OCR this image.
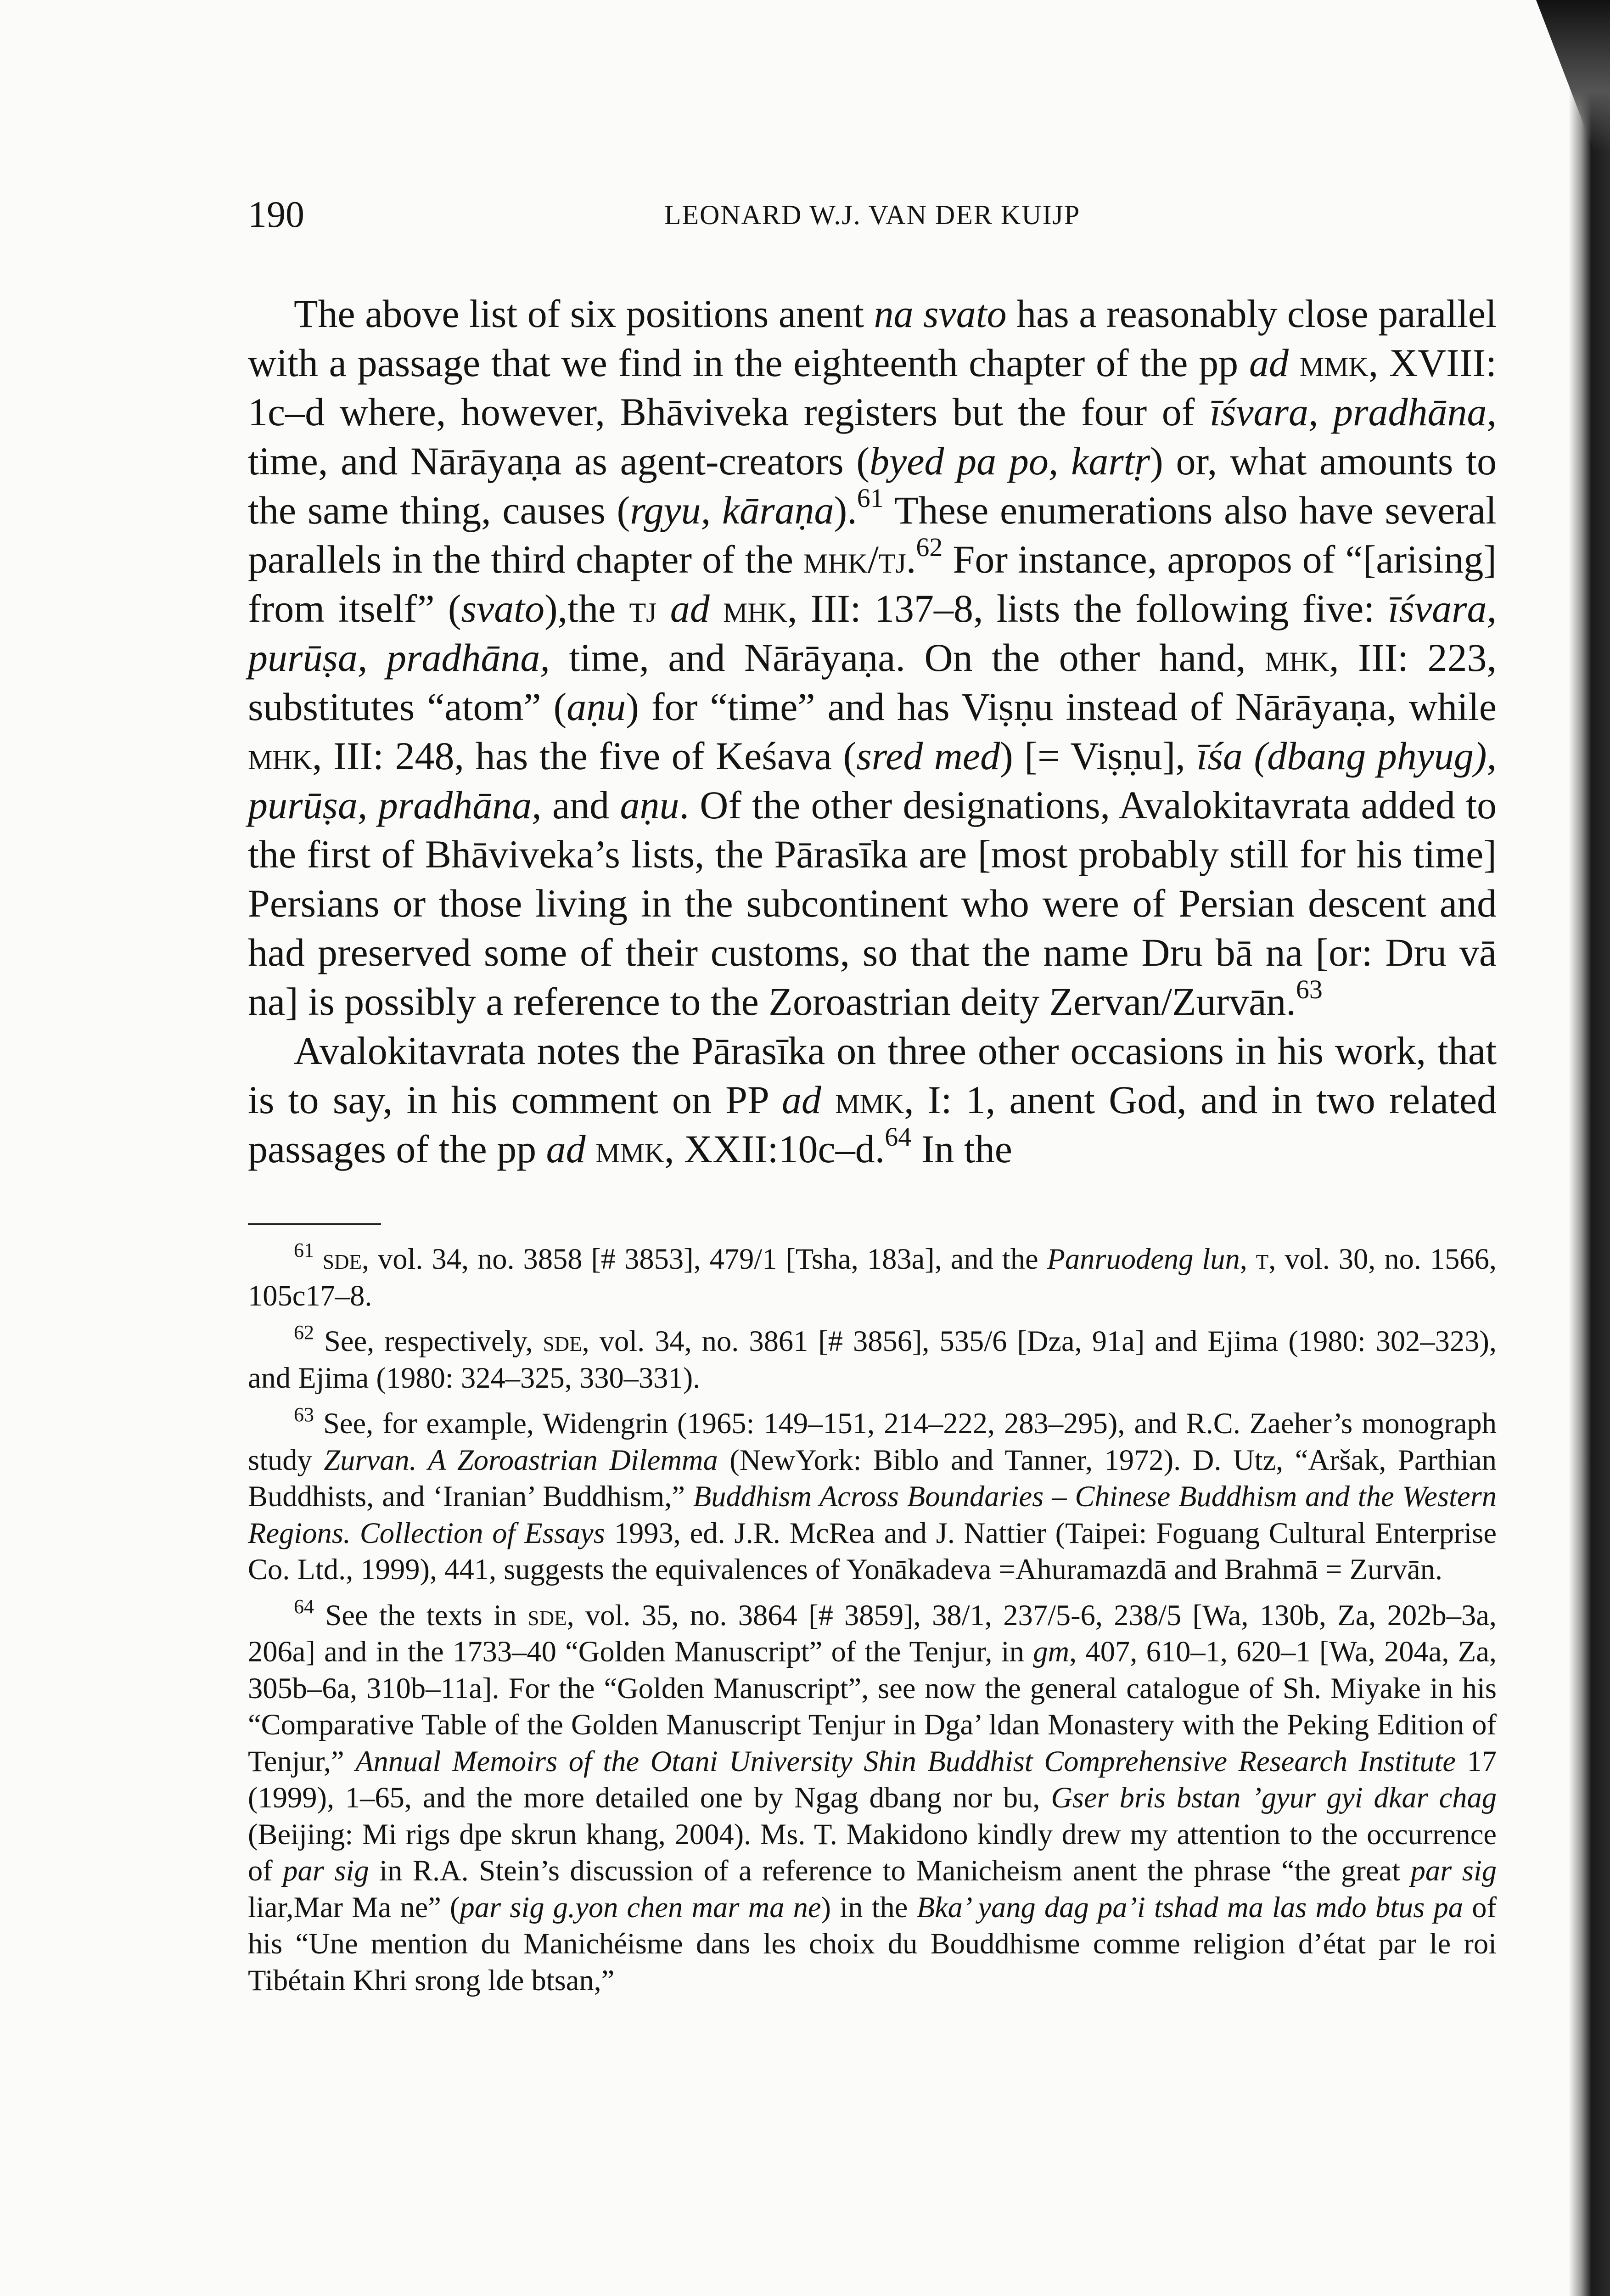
190	LEONARD W.J. VAN DER KUIJP

The above list of six positions anent na svato has a reasonably close parallel with a passage that we find in the eighteenth chapter of the pp ad mmk, XVIII: 1c–d where, however, Bhāviveka registers but the four of īśvara, pradhāna, time, and Nārāyaṇa as agent-creators (byed pa po, kartṛ) or, what amounts to the same thing, causes (rgyu, kāraṇa).$^{61}$ These enumerations also have several parallels in the third chapter of the mhk/tj.$^{62}$ For instance, apropos of “[arising] from itself” (svato),the tj ad mhk, III: 137–8, lists the following five: īśvara, purūṣa, pradhāna, time, and Nārāyaṇa. On the other hand, mhk, III: 223, substitutes “atom” (aṇu) for “time” and has Viṣṇu instead of Nārāyaṇa, while mhk, III: 248, has the five of Keśava (sred med) [= Viṣṇu], īśa (dbang phyug), purūṣa, pradhāna, and aṇu. Of the other designations, Avalokitavrata added to the first of Bhāviveka’s lists, the Pārasīka are [most probably still for his time] Persians or those living in the subcontinent who were of Persian descent and had preserved some of their customs, so that the name Dru bā na [or: Dru vā na] is possibly a reference to the Zoroastrian deity Zervan/Zurvān.$^{63}$

Avalokitavrata notes the Pārasīka on three other occasions in his work, that is to say, in his comment on PP ad mmk, I: 1, anent God, and in two related passages of the pp ad mmk, XXII:10c–d.$^{64}$ In the

$^{61}$ sde, vol. 34, no. 3858 [# 3853], 479/1 [Tsha, 183a], and the Panruodeng lun, t, vol. 30, no. 1566, 105c17–8.

$^{62}$ See, respectively, sde, vol. 34, no. 3861 [# 3856], 535/6 [Dza, 91a] and Ejima (1980: 302–323), and Ejima (1980: 324–325, 330–331).

$^{63}$ See, for example, Widengrin (1965: 149–151, 214–222, 283–295), and R.C. Zaeher’s monograph study Zurvan. A Zoroastrian Dilemma (NewYork: Biblo and Tanner, 1972). D. Utz, “Aršak, Parthian Buddhists, and ‘Iranian’ Buddhism,” Buddhism Across Boundaries – Chinese Buddhism and the Western Regions. Collection of Essays 1993, ed. J.R. McRea and J. Nattier (Taipei: Foguang Cultural Enterprise Co. Ltd., 1999), 441, suggests the equivalences of Yonākadeva =Ahuramazdā and Brahmā = Zurvān.

$^{64}$ See the texts in sde, vol. 35, no. 3864 [# 3859], 38/1, 237/5-6, 238/5 [Wa, 130b, Za, 202b–3a, 206a] and in the 1733–40 “Golden Manuscript” of the Tenjur, in gm, 407, 610–1, 620–1 [Wa, 204a, Za, 305b–6a, 310b–11a]. For the “Golden Manuscript”, see now the general catalogue of Sh. Miyake in his “Comparative Table of the Golden Manuscript Tenjur in Dga’ ldan Monastery with the Peking Edition of Tenjur,” Annual Memoirs of the Otani University Shin Buddhist Comprehensive Research Institute 17 (1999), 1–65, and the more detailed one by Ngag dbang nor bu, Gser bris bstan ’gyur gyi dkar chag (Beijing: Mi rigs dpe skrun khang, 2004). Ms. T. Makidono kindly drew my attention to the occurrence of par sig in R.A. Stein’s discussion of a reference to Manicheism anent the phrase “the great par sig liar,Mar Ma ne” (par sig g.yon chen mar ma ne) in the Bka’ yang dag pa’i tshad ma las mdo btus pa of his “Une mention du Manichéisme dans les choix du Bouddhisme comme religion d’état par le roi Tibétain Khri srong lde btsan,”
